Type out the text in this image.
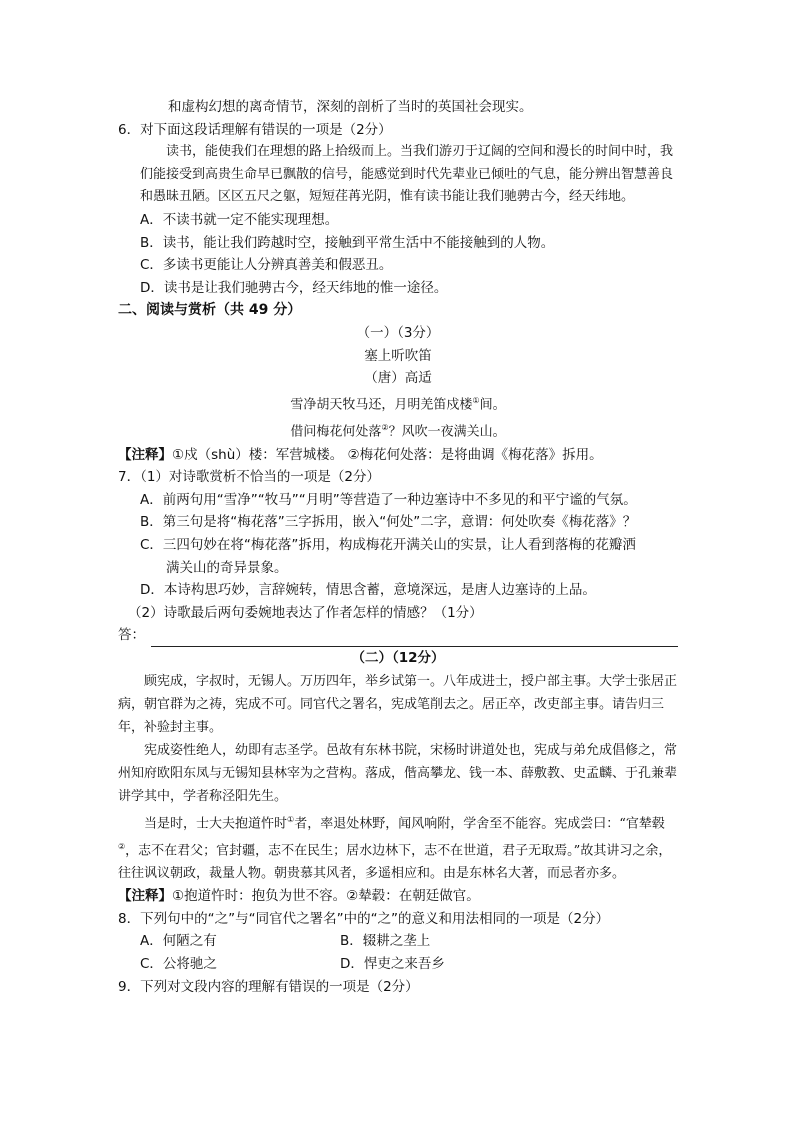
和虚构幻想的离奇情节，深刻的剖析了当时的英国社会现实。
6．对下面这段话理解有错误的一项是（2分）
读书，能使我们在理想的路上拾级而上。当我们游刃于辽阔的空间和漫长的时间中时，我们能接受到高贵生命早已飘散的信号，能感觉到时代先辈业已倾吐的气息，能分辨出智慧善良和愚昧丑陋。区区五尺之躯，短短荏苒光阴，惟有读书能让我们驰骋古今，经天纬地。
A．不读书就一定不能实现理想。
B．读书，能让我们跨越时空，接触到平常生活中不能接触到的人物。
C．多读书更能让人分辨真善美和假恶丑。
D．读书是让我们驰骋古今，经天纬地的惟一途径。
二、阅读与赏析（共 49 分）
（一）（3分）
塞上听吹笛
（唐）高适
雪净胡天牧马还，月明羌笛戍楼①间。
借问梅花何处落②？风吹一夜满关山。
【注释】①戍（shù）楼：军营城楼。 ②梅花何处落：是将曲调《梅花落》拆用。
7．（1）对诗歌赏析不恰当的一项是（2分）
A．前两句用“雪净”“牧马”“月明”等营造了一种边塞诗中不多见的和平宁谧的气氛。
B．第三句是将“梅花落”三字拆用，嵌入“何处”二字，意谓：何处吹奏《梅花落》？
C．三四句妙在将“梅花落”拆用，构成梅花开满关山的实景，让人看到落梅的花瓣洒
满关山的奇异景象。
D．本诗构思巧妙，言辞婉转，情思含蓄，意境深远，是唐人边塞诗的上品。
（2）诗歌最后两句委婉地表达了作者怎样的情感？（1分）
答：
（二）（12分）
顾宪成，字叔时，无锡人。万历四年，举乡试第一。八年成进士，授户部主事。大学士张居正病，朝官群为之祷，宪成不可。同官代之署名，宪成笔削去之。居正卒，改吏部主事。请告归三年，补验封主事。
宪成姿性绝人，幼即有志圣学。邑故有东林书院，宋杨时讲道处也，宪成与弟允成倡修之，常州知府欧阳东凤与无锡知县林宰为之营构。落成，偕高攀龙、钱一本、薛敷教、史孟麟、于孔兼辈讲学其中，学者称泾阳先生。
当是时，士大夫抱道忤时①者，率退处林野，闻风响附，学舍至不能容。宪成尝曰：“官辇毂②，志不在君父；官封疆，志不在民生；居水边林下，志不在世道，君子无取焉。”故其讲习之余，往往讽议朝政，裁量人物。朝贵慕其风者，多遥相应和。由是东林名大著，而忌者亦多。
【注释】①抱道忤时：抱负为世不容。②辇毂：在朝廷做官。
8．下列句中的“之”与“同官代之署名”中的“之”的意义和用法相同的一项是（2分）
A．何陋之有	B．辍耕之垄上
C．公将驰之	D．悍吏之来吾乡
9．下列对文段内容的理解有错误的一项是（2分）
